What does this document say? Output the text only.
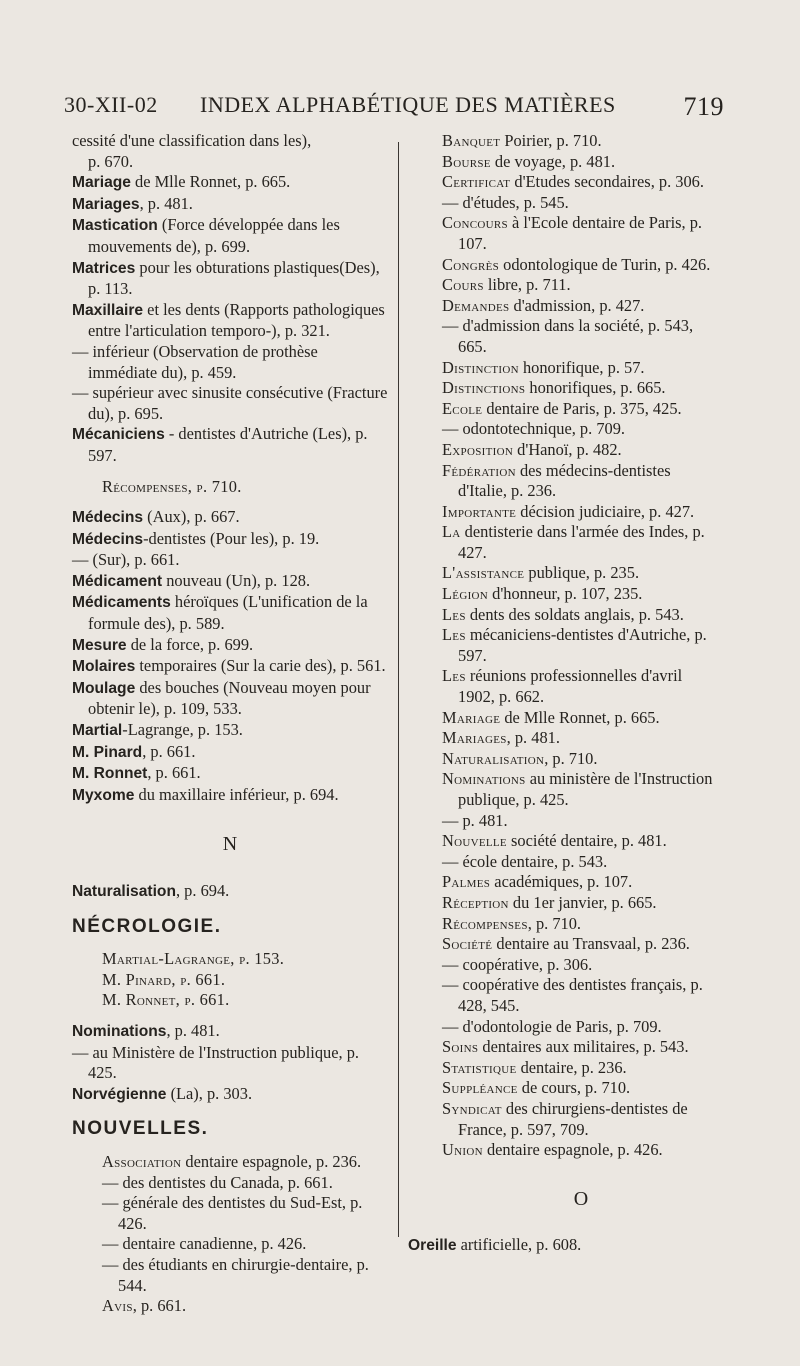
30-XII-02 INDEX ALPHABÉTIQUE DES MATIÈRES	719

cessité d'une classification dans les),
p. 670.

Mariage de Mlle Ronnet, p. 665.

Mariages, p. 481.

Mastication (Force développée dans les mouvements de), p. 699.

Matrices pour les obturations plastiques(Des), p. 113.

Maxillaire et les dents (Rapports pathologiques entre l'articulation temporo-), p. 321.

— inférieur (Observation de prothèse immédiate du), p. 459.

— supérieur avec sinusite consécutive (Fracture du), p. 695.

Mécaniciens - dentistes d'Autriche (Les), p. 597.

Récompenses, p. 710.

Médecins (Aux), p. 667.

Médecins-dentistes (Pour les), p. 19.

— (Sur), p. 661.

Médicament nouveau (Un), p. 128.

Médicaments héroïques (L'unification de la formule des), p. 589.

Mesure de la force, p. 699.

Molaires temporaires (Sur la carie des), p. 561.

Moulage des bouches (Nouveau moyen pour obtenir le), p. 109, 533.

Martial-Lagrange, p. 153.

M. Pinard, p. 661.

M. Ronnet, p. 661.

Myxome du maxillaire inférieur, p. 694.

N

Naturalisation, p. 694.

NÉCROLOGIE.

Martial-Lagrange, p. 153.

M. Pinard, p. 661.

M. Ronnet, p. 661.

Nominations, p. 481.

— au Ministère de l'Instruction publique, p. 425.

Norvégienne (La), p. 303.

NOUVELLES.

Association dentaire espagnole, p. 236.

— des dentistes du Canada, p. 661.

— générale des dentistes du Sud-Est, p. 426.

— dentaire canadienne, p. 426.

— des étudiants en chirurgie-dentaire, p. 544.

Avis, p. 661.

Banquet Poirier, p. 710.

Bourse de voyage, p. 481.

Certificat d'Etudes secondaires, p. 306.

— d'études, p. 545.

Concours à l'Ecole dentaire de Paris, p. 107.

Congrès odontologique de Turin, p. 426.

Cours libre, p. 711.

Demandes d'admission, p. 427.

— d'admission dans la société, p. 543, 665.

Distinction honorifique, p. 57.

Distinctions honorifiques, p. 665.

Ecole dentaire de Paris, p. 375, 425.

— odontotechnique, p. 709.

Exposition d'Hanoï, p. 482.

Fédération des médecins-dentistes d'Italie, p. 236.

Importante décision judiciaire, p. 427.

La dentisterie dans l'armée des Indes, p. 427.

L'assistance publique, p. 235.

Légion d'honneur, p. 107, 235.

Les dents des soldats anglais, p. 543.

Les mécaniciens-dentistes d'Autriche, p. 597.

Les réunions professionnelles d'avril 1902, p. 662.

Mariage de Mlle Ronnet, p. 665.

Mariages, p. 481.

Naturalisation, p. 710.

Nominations au ministère de l'Instruction publique, p. 425.

— p. 481.

Nouvelle société dentaire, p. 481.

— école dentaire, p. 543.

Palmes académiques, p. 107.

Réception du 1er janvier, p. 665.

Récompenses, p. 710.

Société dentaire au Transvaal, p. 236.

— coopérative, p. 306.

— coopérative des dentistes français, p. 428, 545.

— d'odontologie de Paris, p. 709.

Soins dentaires aux militaires, p. 543.

Statistique dentaire, p. 236.

Suppléance de cours, p. 710.

Syndicat des chirurgiens-dentistes de France, p. 597, 709.

Union dentaire espagnole, p. 426.

O

Oreille artificielle, p. 608.
